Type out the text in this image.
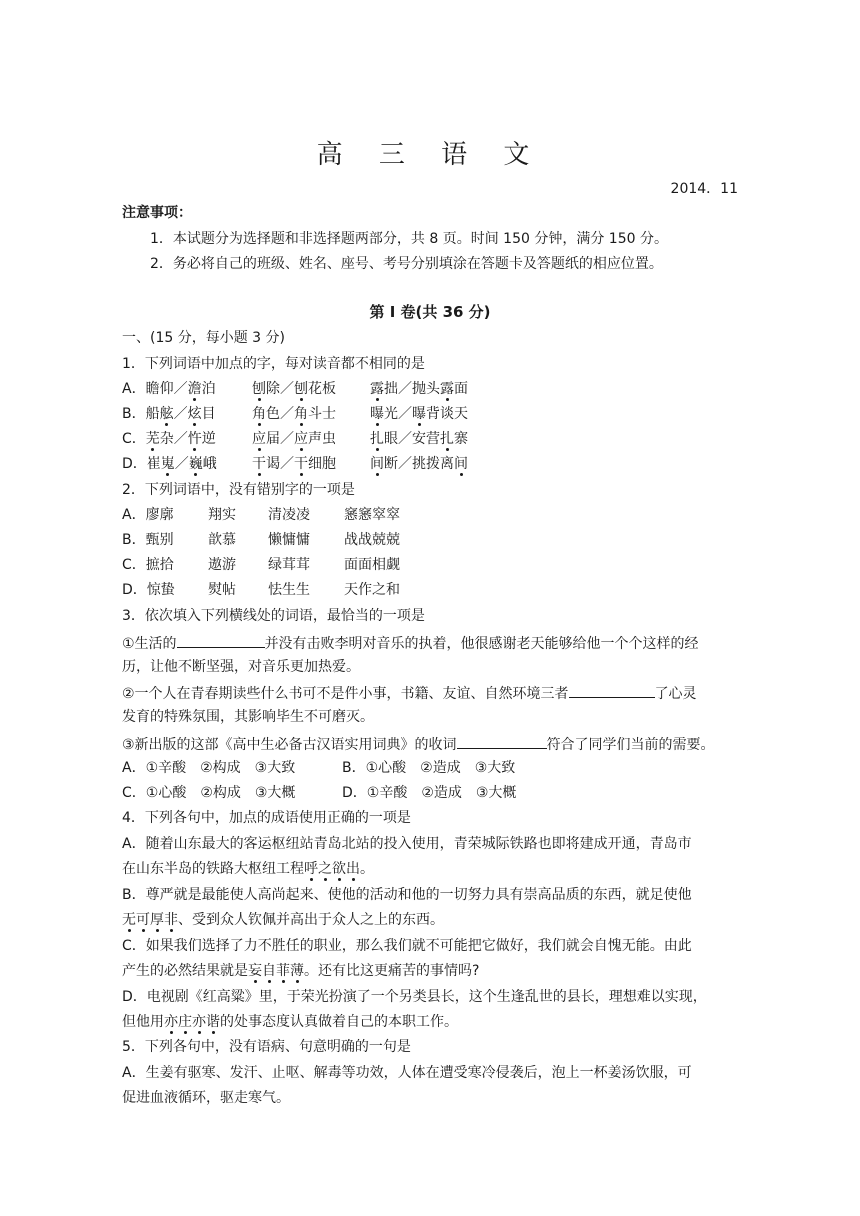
高 三 语 文
2014．11
注意事项：
1．本试题分为选择题和非选择题两部分，共 8 页。时间 150 分钟，满分 150 分。
2．务必将自己的班级、姓名、座号、考号分别填涂在答题卡及答题纸的相应位置。
第 I 卷(共 36 分)
一、(15 分，每小题 3 分)
1．下列词语中加点的字，每对读音都不相同的是
A．瞻仰／澹泊	刨除／刨花板 露拙／抛头露面
B．船舷／炫目	角色／角斗士 曝光／曝背谈天
C．芜杂／忤逆	应届／应声虫 扎眼／安营扎寨
D．崔嵬／巍峨	干谒／干细胞 间断／挑拨离间
2．下列词语中，没有错别字的一项是
A．廖廓 翔实 清凌凌 窸窸窣窣
B．甄别 歆慕 懒慵慵 战战兢兢
C．摭拾 遨游 绿茸茸 面面相觑
D．惊蛰 熨帖 怯生生 天作之和
3．依次填入下列横线处的词语，最恰当的一项是
①生活的	并没有击败李明对音乐的执着，他很感谢老天能够给他一个个这样的经
历，让他不断坚强，对音乐更加热爱。
②一个人在青春期读些什么书可不是件小事，书籍、友谊、自然环境三者	了心灵
发育的特殊氛围，其影响毕生不可磨灭。
③新出版的这部《高中生必备古汉语实用词典》的收词	符合了同学们当前的需要。
A．①辛酸　②构成　③大致	B．①心酸　②造成　③大致
C．①心酸　②构成　③大概	D．①辛酸　②造成　③大概
4．下列各句中，加点的成语使用正确的一项是
A．随着山东最大的客运枢纽站青岛北站的投入使用，青荣城际铁路也即将建成开通，青岛市
在山东半岛的铁路大枢纽工程呼之欲出。
B．尊严就是最能使人高尚起来、使他的活动和他的一切努力具有崇高品质的东西，就足使他
无可厚非、受到众人钦佩并高出于众人之上的东西。
C．如果我们选择了力不胜任的职业，那么我们就不可能把它做好，我们就会自愧无能。由此
产生的必然结果就是妄自菲薄。还有比这更痛苦的事情吗?
D．电视剧《红高粱》里，于荣光扮演了一个另类县长，这个生逢乱世的县长，理想难以实现，
但他用亦庄亦谐的处事态度认真做着自己的本职工作。
5．下列各句中，没有语病、句意明确的一句是
A．生姜有驱寒、发汗、止呕、解毒等功效，人体在遭受寒冷侵袭后，泡上一杯姜汤饮服，可
促进血液循环，驱走寒气。
